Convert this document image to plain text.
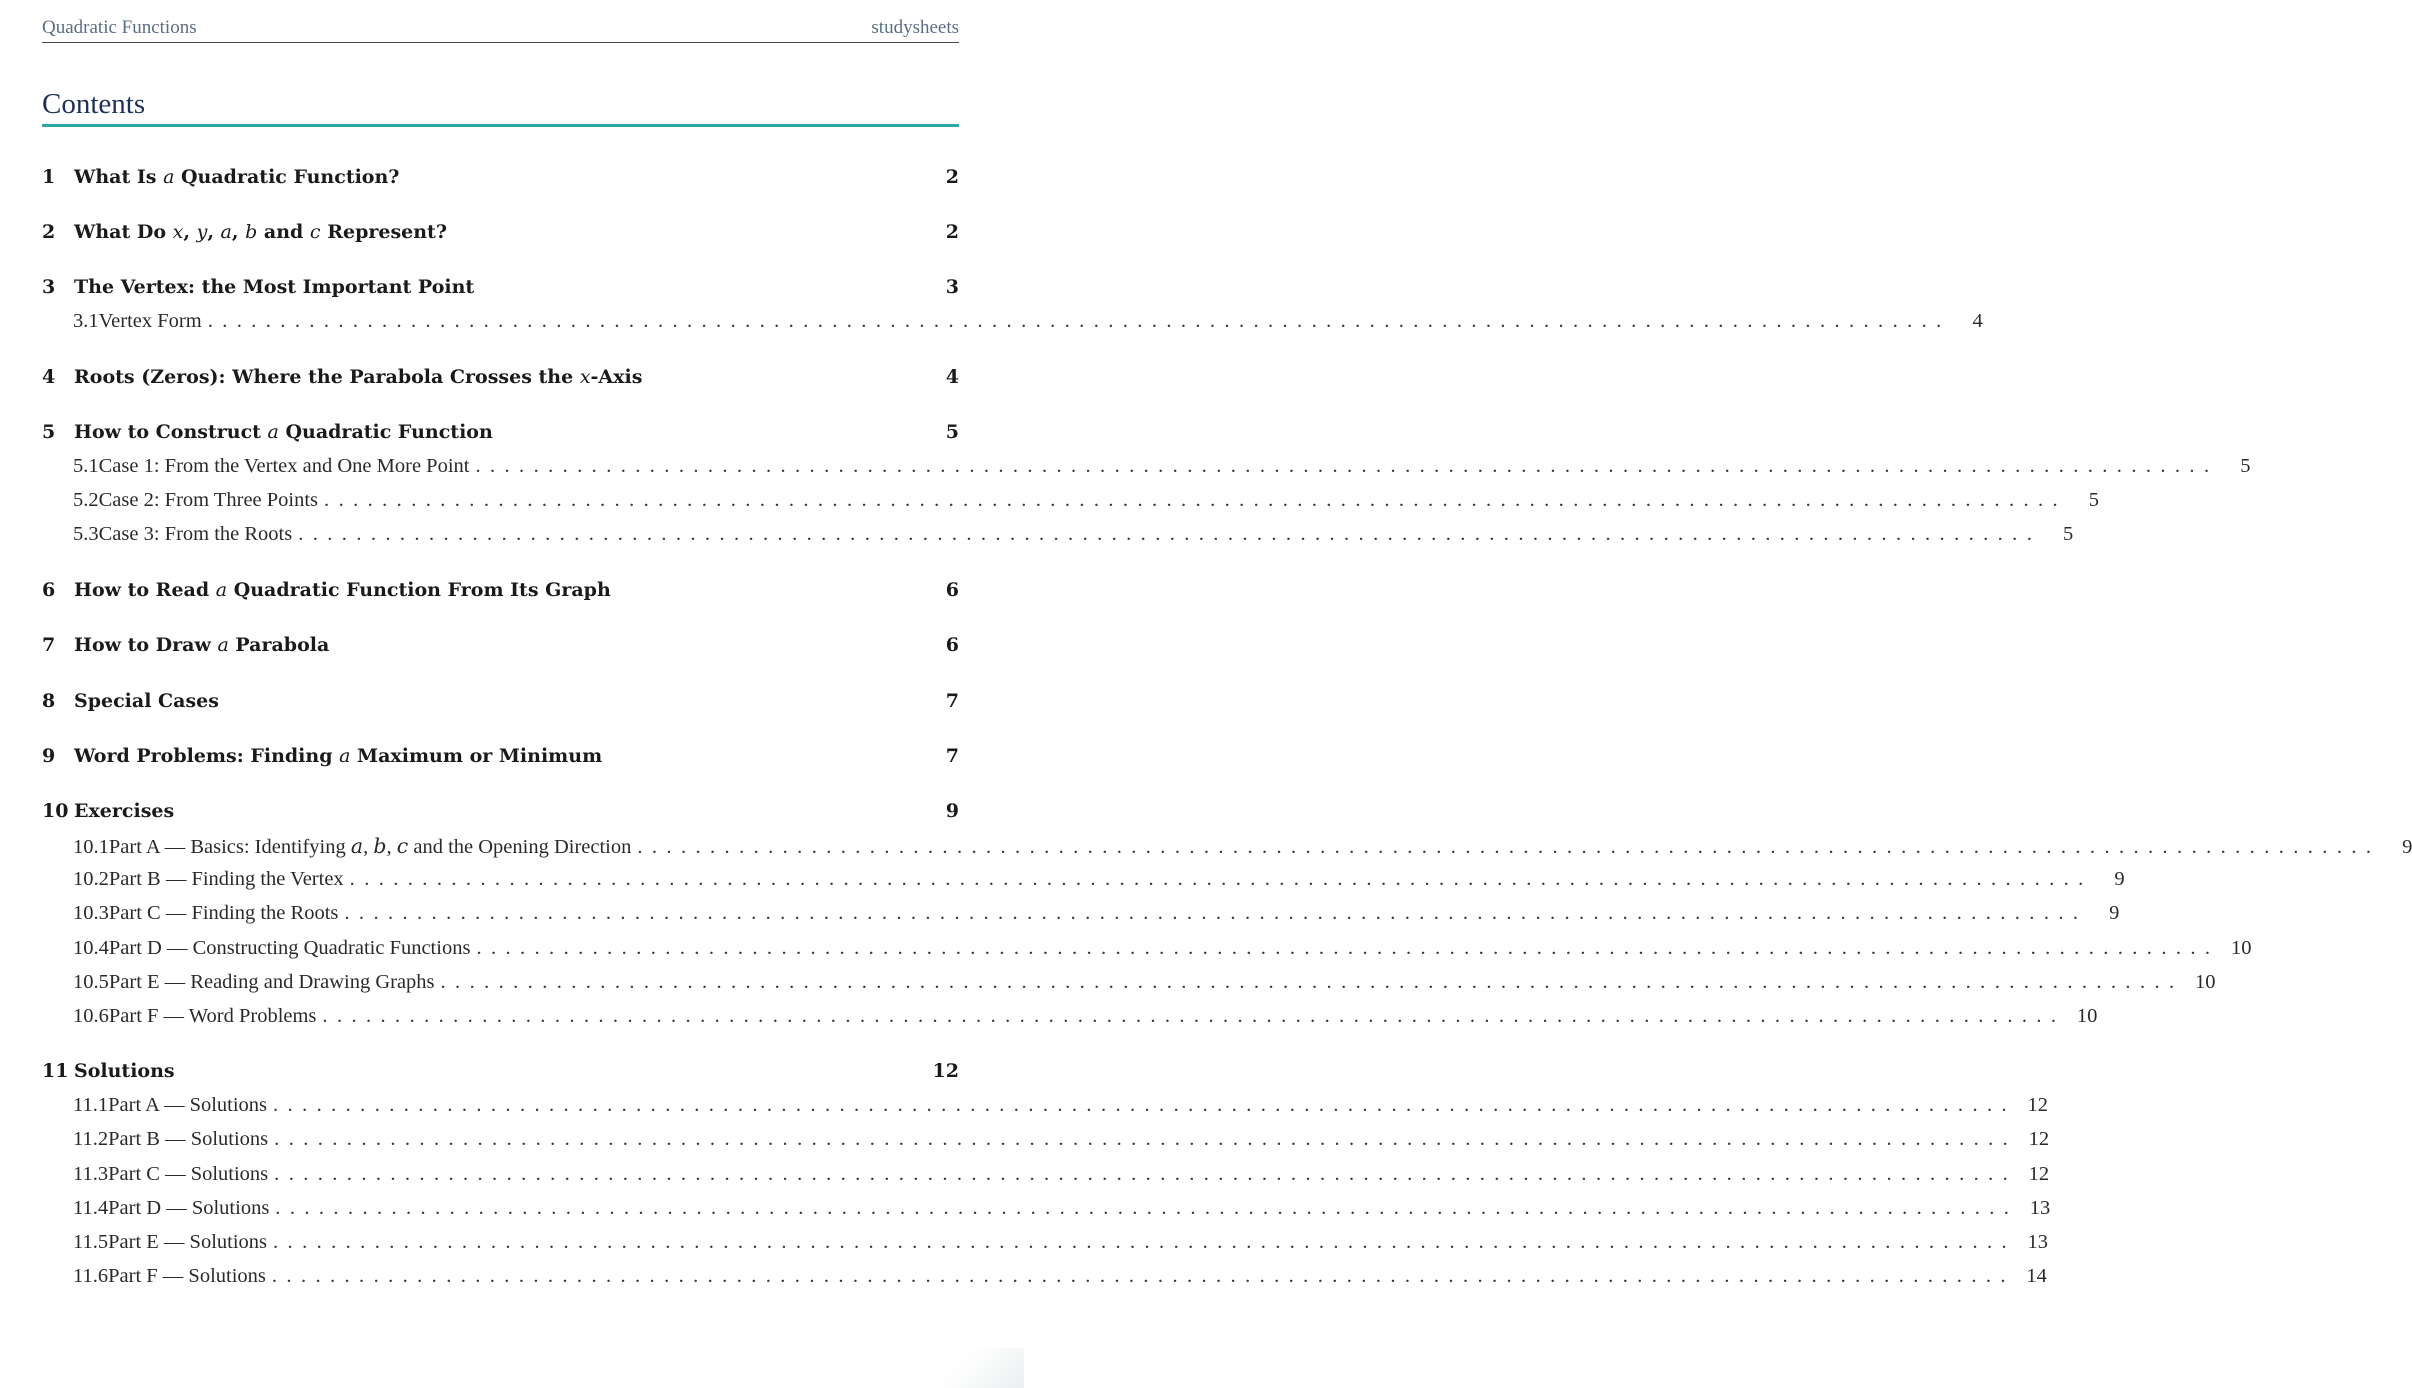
Quadratic Functions	studysheets
Contents
1 What Is a Quadratic Function?	2
2 What Do x, y, a, b and c Represent?	2
3 The Vertex: the Most Important Point	3
3.1 Vertex Form ........................................................................................................................	4
4 Roots (Zeros): Where the Parabola Crosses the x-Axis	4
5 How to Construct a Quadratic Function	5
5.1 Case 1: From the Vertex and One More Point ........................................................................................................................	5
5.2 Case 2: From Three Points ........................................................................................................................	5
5.3 Case 3: From the Roots ........................................................................................................................	5
6 How to Read a Quadratic Function From Its Graph	6
7 How to Draw a Parabola	6
8 Special Cases	7
9 Word Problems: Finding a Maximum or Minimum	7
10 Exercises	9
10.1 Part A — Basics: Identifying a, b, c and the Opening Direction ........................................................................................................................	9
10.2 Part B — Finding the Vertex ........................................................................................................................	9
10.3 Part C — Finding the Roots ........................................................................................................................	9
10.4 Part D — Constructing Quadratic Functions ........................................................................................................................ 10
10.5 Part E — Reading and Drawing Graphs ........................................................................................................................ 10
10.6 Part F — Word Problems ........................................................................................................................ 10
11 Solutions	12
11.1 Part A — Solutions ........................................................................................................................ 12
11.2 Part B — Solutions ........................................................................................................................ 12
11.3 Part C — Solutions ........................................................................................................................ 12
11.4 Part D — Solutions ........................................................................................................................ 13
11.5 Part E — Solutions ........................................................................................................................ 13
11.6 Part F — Solutions ........................................................................................................................ 14
